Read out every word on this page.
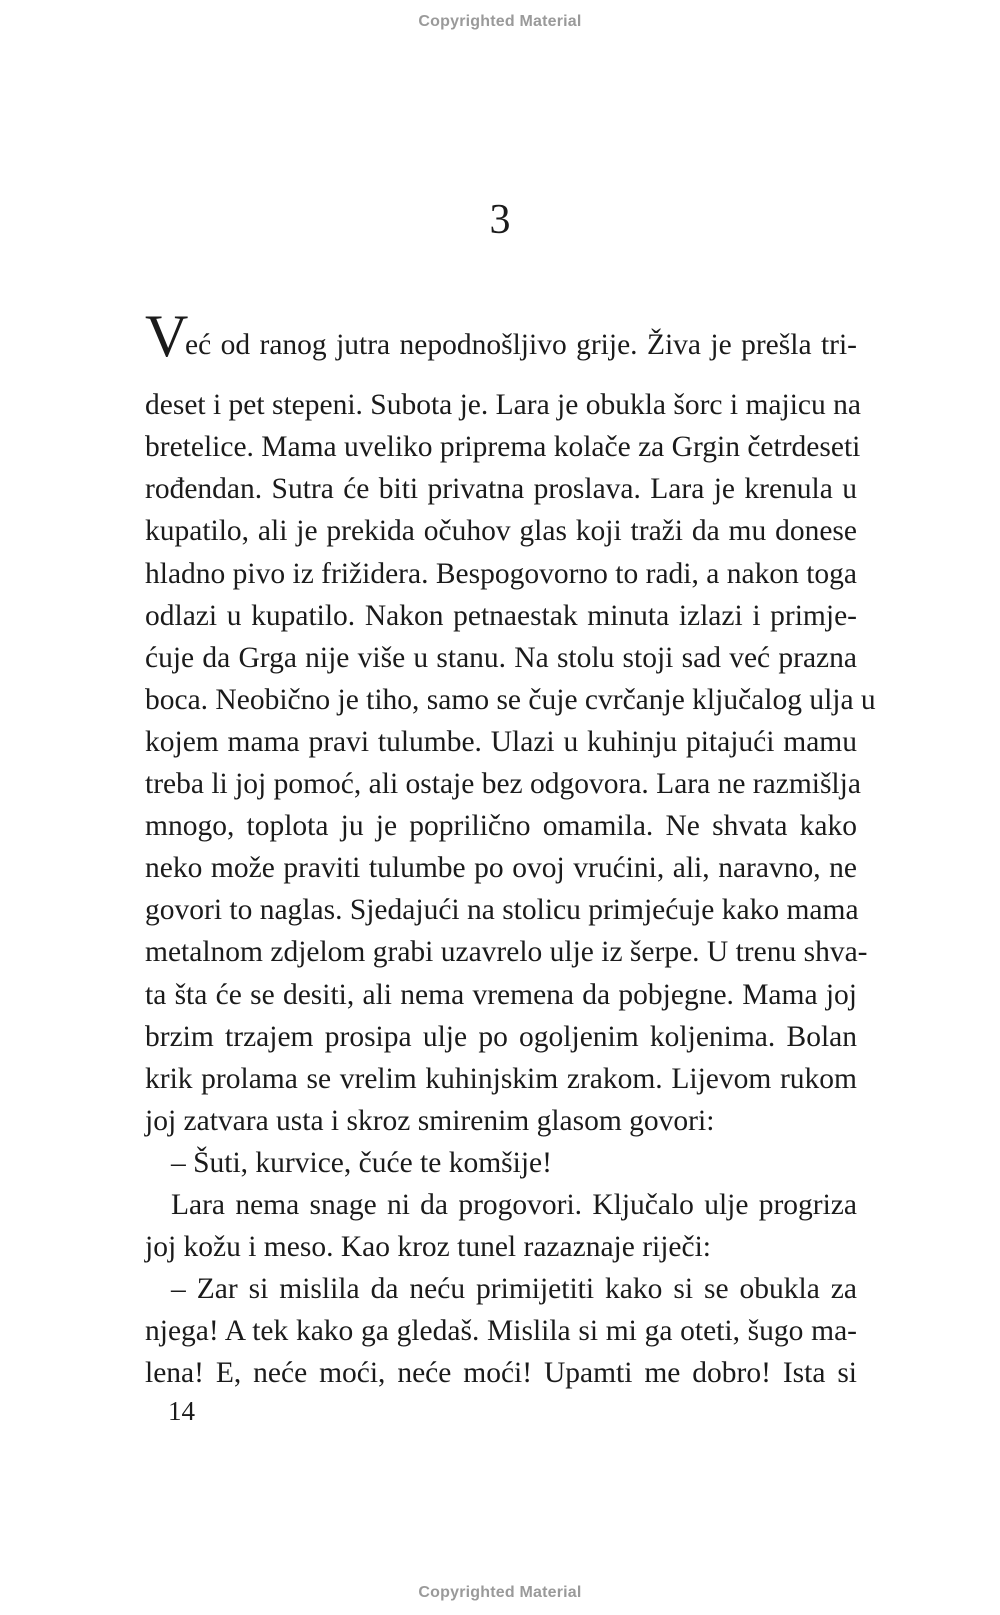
Copyrighted Material
3
V
eć od ranog jutra nepodnošljivo grije. Živa je prešla tri-
deset i pet stepeni. Subota je. Lara je obukla šorc i majicu na
bretelice. Mama uveliko priprema kolače za Grgin četrdeseti
rođendan. Sutra će biti privatna proslava. Lara je krenula u
kupatilo, ali je prekida očuhov glas koji traži da mu donese
hladno pivo iz frižidera. Bespogovorno to radi, a nakon toga
odlazi u kupatilo. Nakon petnaestak minuta izlazi i primje-
ćuje da Grga nije više u stanu. Na stolu stoji sad već prazna
boca. Neobično je tiho, samo se čuje cvrčanje ključalog ulja u
kojem mama pravi tulumbe. Ulazi u kuhinju pitajući mamu
treba li joj pomoć, ali ostaje bez odgovora. Lara ne razmišlja
mnogo, toplota ju je poprilično omamila. Ne shvata kako
neko može praviti tulumbe po ovoj vrućini, ali, naravno, ne
govori to naglas. Sjedajući na stolicu primjećuje kako mama
metalnom zdjelom grabi uzavrelo ulje iz šerpe. U trenu shva-
ta šta će se desiti, ali nema vremena da pobjegne. Mama joj
brzim trzajem prosipa ulje po ogoljenim koljenima. Bolan
krik prolama se vrelim kuhinjskim zrakom. Lijevom rukom
joj zatvara usta i skroz smirenim glasom govori:
– Šuti, kurvice, čuće te komšije!
Lara nema snage ni da progovori. Ključalo ulje progriza
joj kožu i meso. Kao kroz tunel razaznaje riječi:
– Zar si mislila da neću primijetiti kako si se obukla za
njega! A tek kako ga gledaš. Mislila si mi ga oteti, šugo ma-
lena! E, neće moći, neće moći! Upamti me dobro! Ista si
14
Copyrighted Material
